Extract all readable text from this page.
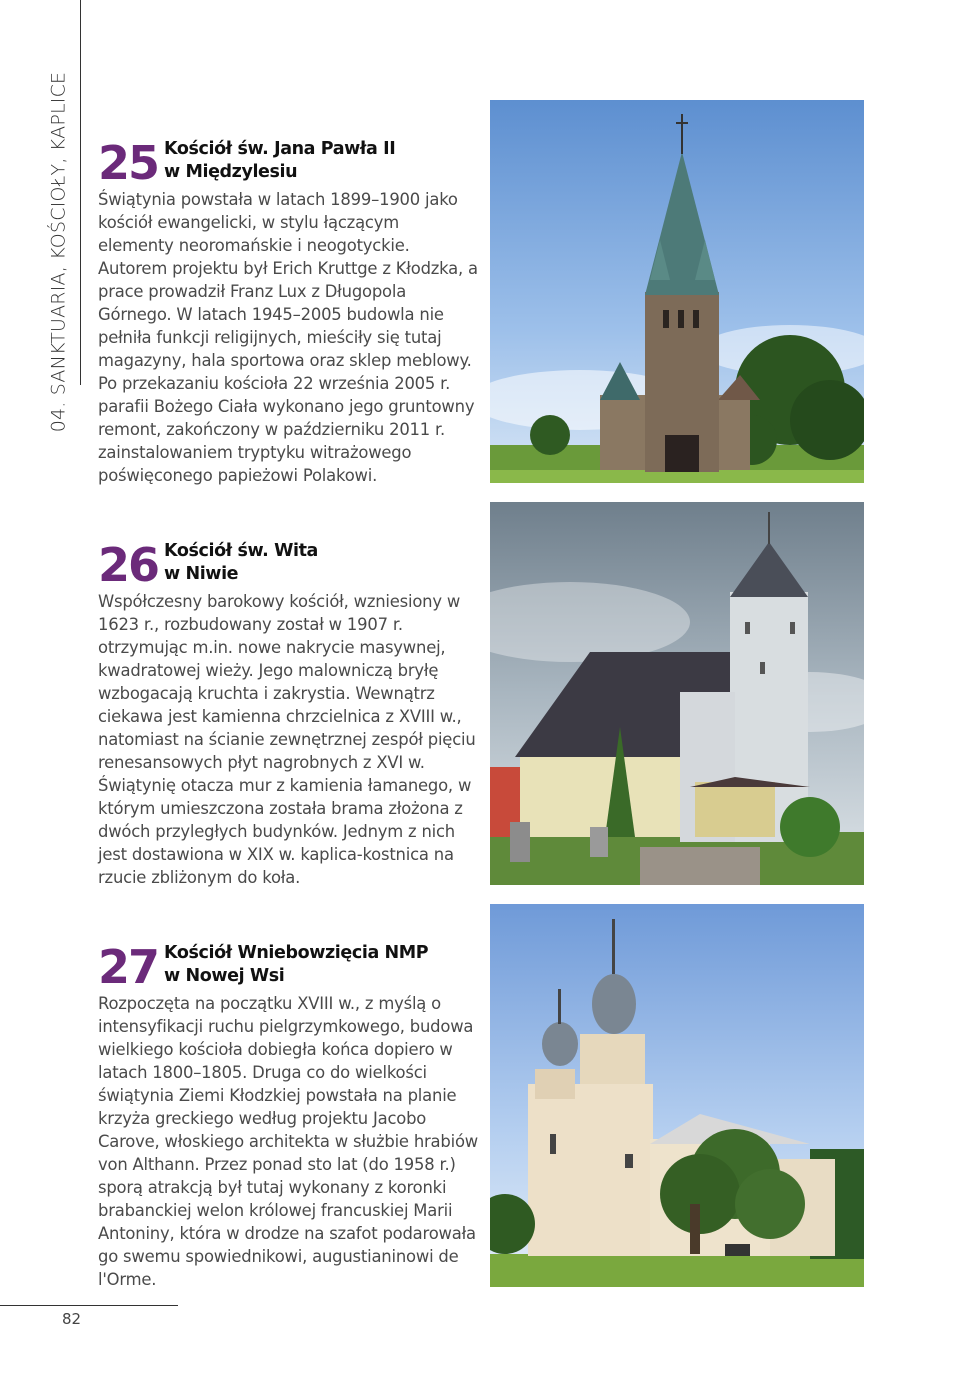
04. SANKTUARIA, KOŚCIOŁY, KAPLICE 25 Kościół św. Jana Pawła II
w Międzylesiu

Świątynia powstała w latach 1899–1900 jako kościół ewangelicki, w stylu łączącym elementy neoromańskie i neogotyckie. Autorem projektu był Erich Kruttge z Kłodzka, a prace prowadził Franz Lux z Długopola Górnego. W latach 1945–2005 budowla nie pełniła funkcji religijnych, mieściły się tutaj magazyny, hala sportowa oraz sklep meblowy. Po przekazaniu kościoła 22 września 2005 r. parafii Bożego Ciała wykonano jego gruntowny remont, zakończony w październiku 2011 r. zainstalowaniem tryptyku witrażowego poświęconego papieżowi Polakowi.

26 Kościół św. Wita
w Niwie

Współczesny barokowy kościół, wzniesiony w 1623 r., rozbudowany został w 1907 r. otrzymując m.in. nowe nakrycie masywnej, kwadratowej wieży. Jego malowniczą bryłę wzbogacają kruchta i zakrystia. Wewnątrz ciekawa jest kamienna chrzcielnica z XVIII w., natomiast na ścianie zewnętrznej zespół pięciu renesansowych płyt nagrobnych z XVI w. Świątynię otacza mur z kamienia łamanego, w którym umieszczona została brama złożona z dwóch przyległych budynków. Jednym z nich jest dostawiona w XIX w. kaplica-kostnica na rzucie zbliżonym do koła.

27 Kościół Wniebowzięcia NMP
w Nowej Wsi

Rozpoczęta na początku XVIII w., z myślą o intensyfikacji ruchu pielgrzymkowego, budowa wielkiego kościoła dobiegła końca dopiero w latach 1800–1805. Druga co do wielkości świątynia Ziemi Kłodzkiej powstała na planie krzyża greckiego według projektu Jacobo Carove, włoskiego architekta w służbie hrabiów von Althann. Przez ponad sto lat (do 1958 r.) sporą atrakcją był tutaj wykonany z koronki brabanckiej welon królowej francuskiej Marii Antoniny, która w drodze na szafot podarowała go swemu spowiednikowi, augustianinowi de l'Orme.

82
